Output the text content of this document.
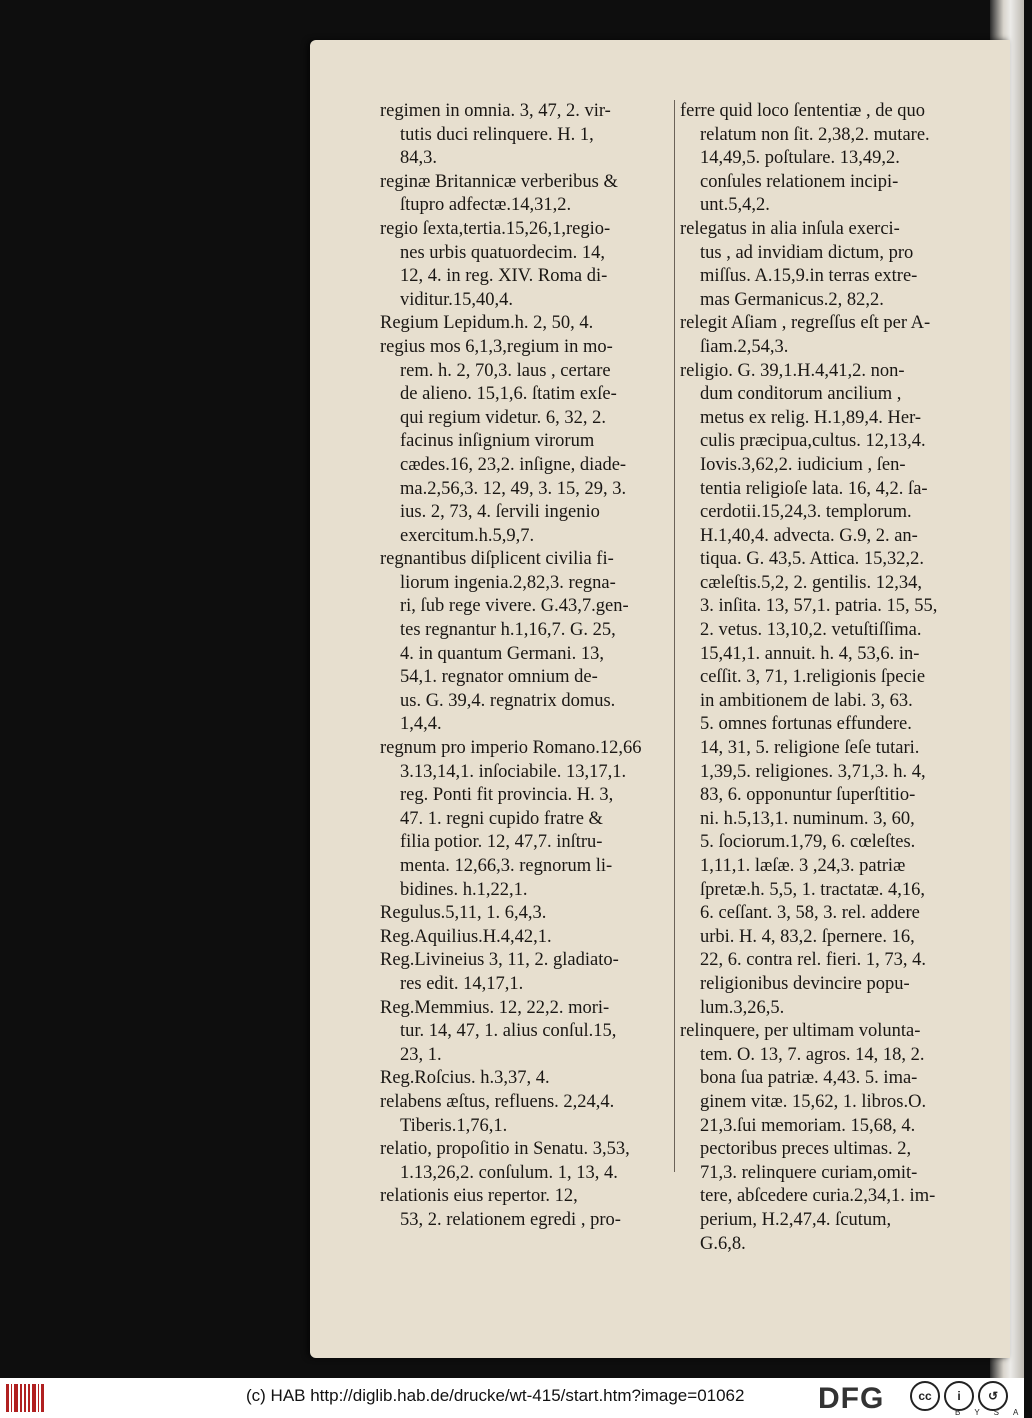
regimen in omnia. 3, 47, 2. vir-
tutis duci relinquere. H. 1,
84,3.
reginæ Britannicæ verberibus &
ſtupro adfectæ.14,31,2.
regio ſexta,tertia.15,26,1,regio-
nes urbis quatuordecim. 14,
12, 4. in reg. XIV. Roma di-
viditur.15,40,4.
Regium Lepidum.h. 2, 50, 4.
regius mos 6,1,3,regium in mo-
rem. h. 2, 70,3. laus , certare
de alieno. 15,1,6. ſtatim exſe-
qui regium videtur. 6, 32, 2.
facinus inſignium virorum
cædes.16, 23,2. inſigne, diade-
ma.2,56,3. 12, 49, 3. 15, 29, 3.
ius. 2, 73, 4. ſervili ingenio
exercitum.h.5,9,7.
regnantibus diſplicent civilia fi-
liorum ingenia.2,82,3. regna-
ri, ſub rege vivere. G.43,7.gen-
tes regnantur h.1,16,7. G. 25,
4. in quantum Germani. 13,
54,1. regnator omnium de-
us. G. 39,4. regnatrix domus.
1,4,4.
regnum pro imperio Romano.12,66
3.13,14,1. inſociabile. 13,17,1.
reg. Ponti fit provincia. H. 3,
47. 1. regni cupido fratre &
filia potior. 12, 47,7. inſtru-
menta. 12,66,3. regnorum li-
bidines. h.1,22,1.
Regulus.5,11, 1. 6,4,3.
Reg.Aquilius.H.4,42,1.
Reg.Livineius 3, 11, 2. gladiato-
res edit. 14,17,1.
Reg.Memmius. 12, 22,2. mori-
tur. 14, 47, 1. alius conſul.15,
23, 1.
Reg.Roſcius. h.3,37, 4.
relabens æſtus, refluens. 2,24,4.
Tiberis.1,76,1.
relatio, propoſitio in Senatu. 3,53,
1.13,26,2. conſulum. 1, 13, 4.
relationis eius repertor. 12,
53, 2. relationem egredi , pro-
ferre quid loco ſententiæ , de quo
relatum non ſit. 2,38,2. mutare.
14,49,5. poſtulare. 13,49,2.
conſules relationem incipi-
unt.5,4,2.
relegatus in alia inſula exerci-
tus , ad invidiam dictum, pro
miſſus. A.15,9.in terras extre-
mas Germanicus.2, 82,2.
relegit Aſiam , regreſſus eſt per A-
ſiam.2,54,3.
religio. G. 39,1.H.4,41,2. non-
dum conditorum ancilium ,
metus ex relig. H.1,89,4. Her-
culis præcipua,cultus. 12,13,4.
Iovis.3,62,2. iudicium , ſen-
tentia religioſe lata. 16, 4,2. ſa-
cerdotii.15,24,3. templorum.
H.1,40,4. advecta. G.9, 2. an-
tiqua. G. 43,5. Attica. 15,32,2.
cæleſtis.5,2, 2. gentilis. 12,34,
3. inſita. 13, 57,1. patria. 15, 55,
2. vetus. 13,10,2. vetuſtiſſima.
15,41,1. annuit. h. 4, 53,6. in-
ceſſit. 3, 71, 1.religionis ſpecie
in ambitionem de labi. 3, 63.
5. omnes fortunas effundere.
14, 31, 5. religione ſeſe tutari.
1,39,5. religiones. 3,71,3. h. 4,
83, 6. opponuntur ſuperſtitio-
ni. h.5,13,1. numinum. 3, 60,
5. ſociorum.1,79, 6. cœleſtes.
1,11,1. læſæ. 3 ,24,3. patriæ
ſpretæ.h. 5,5, 1. tractatæ. 4,16,
6. ceſſant. 3, 58, 3. rel. addere
urbi. H. 4, 83,2. ſpernere. 16,
22, 6. contra rel. fieri. 1, 73, 4.
religionibus devincire popu-
lum.3,26,5.
relinquere, per ultimam volunta-
tem. O. 13, 7. agros. 14, 18, 2.
bona ſua patriæ. 4,43. 5. ima-
ginem vitæ. 15,62, 1. libros.O.
21,3.ſui memoriam. 15,68, 4.
pectoribus preces ultimas. 2,
71,3. relinquere curiam,omit-
tere, abſcedere curia.2,34,1. im-
perium, H.2,47,4. ſcutum,
G.6,8.
(c) HAB http://diglib.hab.de/drucke/wt-415/start.htm?image=01062 DFG	cc	i	↺
BYSA
